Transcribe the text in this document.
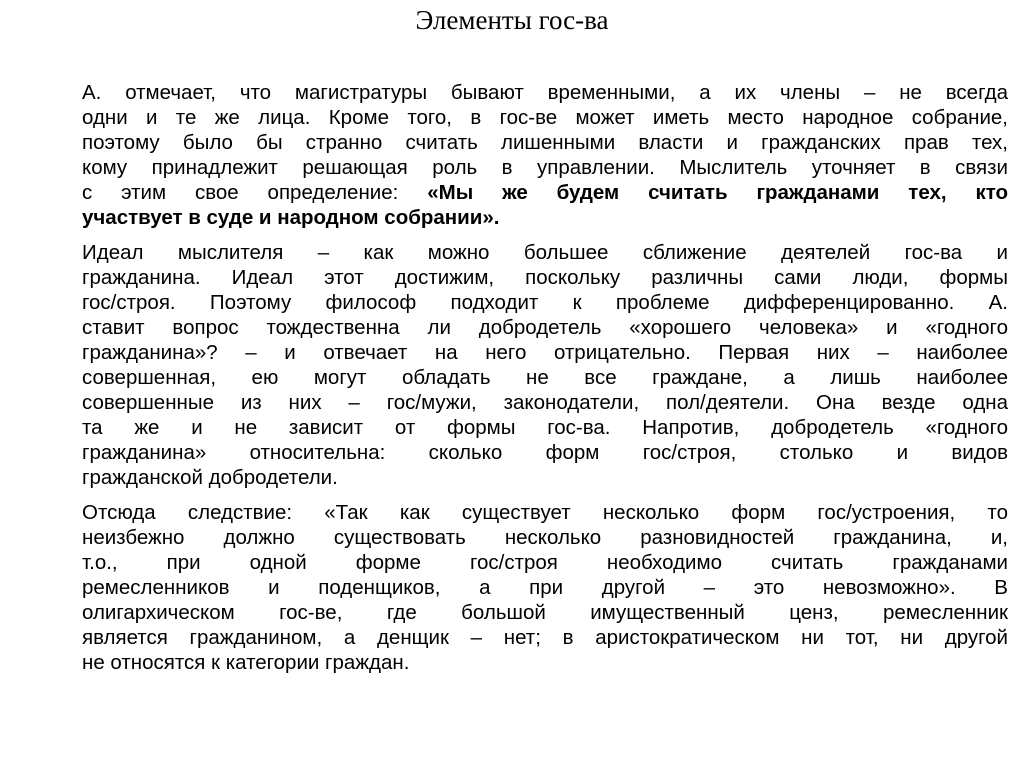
Элементы гос-ва
А. отмечает, что магистратуры бывают временными, а их члены – не всегда
одни и те же лица. Кроме того, в гос-ве может иметь место народное собрание,
поэтому было бы странно считать лишенными власти и гражданских прав тех,
кому принадлежит решающая роль в управлении. Мыслитель уточняет в связи
с этим свое определение: «Мы же будем считать гражданами тех, кто
участвует в суде и народном собрании».
Идеал мыслителя – как можно большее сближение деятелей гос-ва и
гражданина. Идеал этот достижим, поскольку различны сами люди, формы
гос/строя. Поэтому философ подходит к проблеме дифференцированно. А.
ставит вопрос тождественна ли добродетель «хорошего человека» и «годного
гражданина»? – и отвечает на него отрицательно. Первая них – наиболее
совершенная, ею могут обладать не все граждане, а лишь наиболее
совершенные из них – гос/мужи, законодатели, пол/деятели. Она везде одна
та же и не зависит от формы гос-ва. Напротив, добродетель «годного
гражданина» относительна: сколько форм гос/строя, столько и видов
гражданской добродетели.
Отсюда следствие: «Так как существует несколько форм гос/устроения, то
неизбежно должно существовать несколько разновидностей гражданина, и,
т.о., при одной форме гос/строя необходимо считать гражданами
ремесленников и поденщиков, а при другой – это невозможно». В
олигархическом гос-ве, где большой имущественный ценз, ремесленник
является гражданином, а денщик – нет; в аристократическом ни тот, ни другой
не относятся к категории граждан.
